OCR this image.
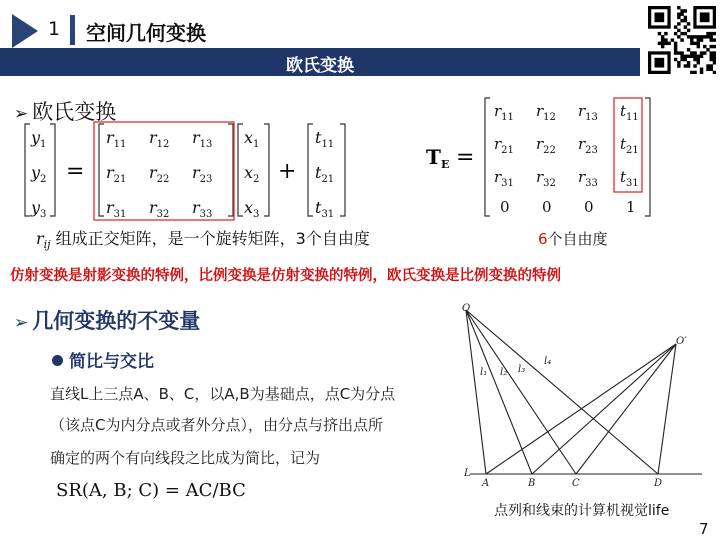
1 空间几何变换
欧氏变换
➢ 欧氏变换
=	+
$y_1$
$y_2$
$y_3$
$r_{11}$ $r_{12}$ $r_{13}$
$r_{21}$ $r_{22}$ $r_{23}$
$r_{31}$ $r_{32}$ $r_{33}$
$x_1$
$x_2$
$x_3$
$t_{11}$
$t_{21}$
$t_{31}$
T E =
$r_{11}$ $r_{12}$ $r_{13}$ $t_{11}$
$r_{21}$ $r_{22}$ $r_{23}$ $t_{21}$
$r_{31}$ $r_{32}$ $r_{33}$ $t_{31}$
0 0 0 1
$r_{ij}$ 组成正交矩阵，是一个旋转矩阵，3个自由度	6个自由度
仿射变换是射影变换的特例，比例变换是仿射变换的特例，欧氏变换是比例变换的特例
➢ 几何变换的不变量
简比与交比
直线L上三点A、B、C，以A,B为基础点，点C为分点
（该点C为内分点或者外分点），由分点与挤出点所
确定的两个有向线段之比成为简比，记为
SR(A, B; C) = AC/BC
O
O′
L
A	B	C	D
l₁ l₂ l₃
l₄
点列和线束的计算机视觉life
7
